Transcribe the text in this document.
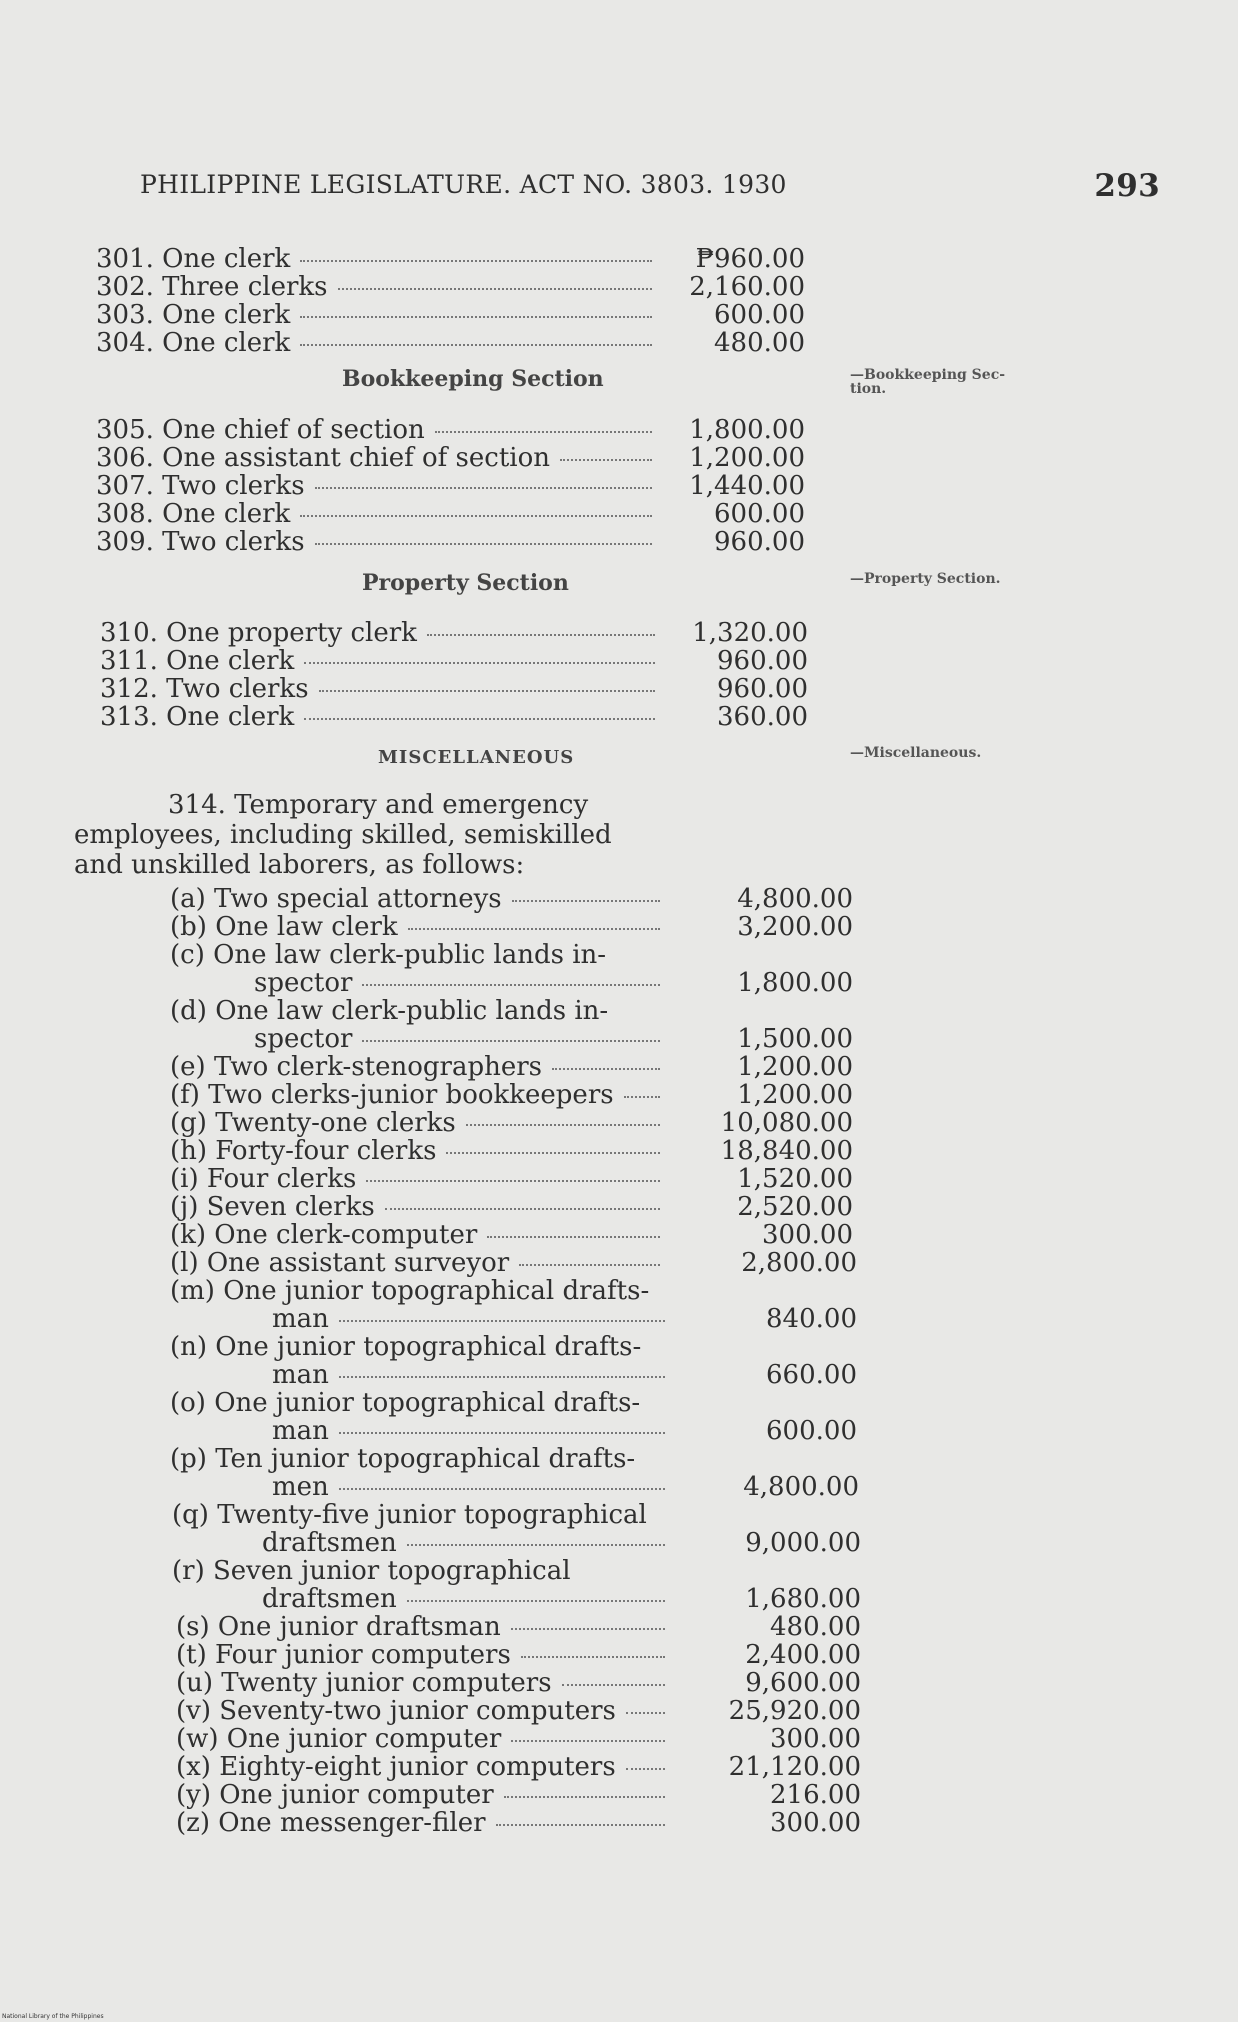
PHILIPPINE LEGISLATURE. ACT NO. 3803. 1930	293
Bookkeeping Section	—Bookkeeping Sec- tion.
Property Section	—Property Section.
MISCELLANEOUS	—Miscellaneous.
314. Temporary and emergency employees, including skilled, semiskilled and unskilled laborers, as follows:
301. One clerk	₱960.00
302. Three clerks	2,160.00
303. One clerk	600.00
304. One clerk	480.00
305. One chief of section	1,800.00
306. One assistant chief of section	1,200.00
307. Two clerks	1,440.00
308. One clerk	600.00
309. Two clerks	960.00
310. One property clerk	1,320.00
311. One clerk	960.00
312. Two clerks	960.00
313. One clerk	360.00
(a) Two special attorneys	4,800.00
(b) One law clerk	3,200.00
(c) One law clerk-public lands in-
spector	1,800.00
(d) One law clerk-public lands in-
spector	1,500.00
(e) Two clerk-stenographers	1,200.00
(f) Two clerks-junior bookkeepers	1,200.00
(g) Twenty-one clerks	10,080.00
(h) Forty-four clerks	18,840.00
(i) Four clerks	1,520.00
(j) Seven clerks	2,520.00
(k) One clerk-computer	300.00
(l) One assistant surveyor	2,800.00
(m) One junior topographical drafts-
man	840.00
(n) One junior topographical drafts-
man	660.00
(o) One junior topographical drafts-
man	600.00
(p) Ten junior topographical drafts-
men	4,800.00
(q) Twenty-five junior topographical
draftsmen	9,000.00
(r) Seven junior topographical
draftsmen	1,680.00
(s) One junior draftsman	480.00
(t) Four junior computers	2,400.00
(u) Twenty junior computers	9,600.00
(v) Seventy-two junior computers	25,920.00
(w) One junior computer	300.00
(x) Eighty-eight junior computers	21,120.00
(y) One junior computer	216.00
(z) One messenger-filer	300.00
National Library of the Philippines
